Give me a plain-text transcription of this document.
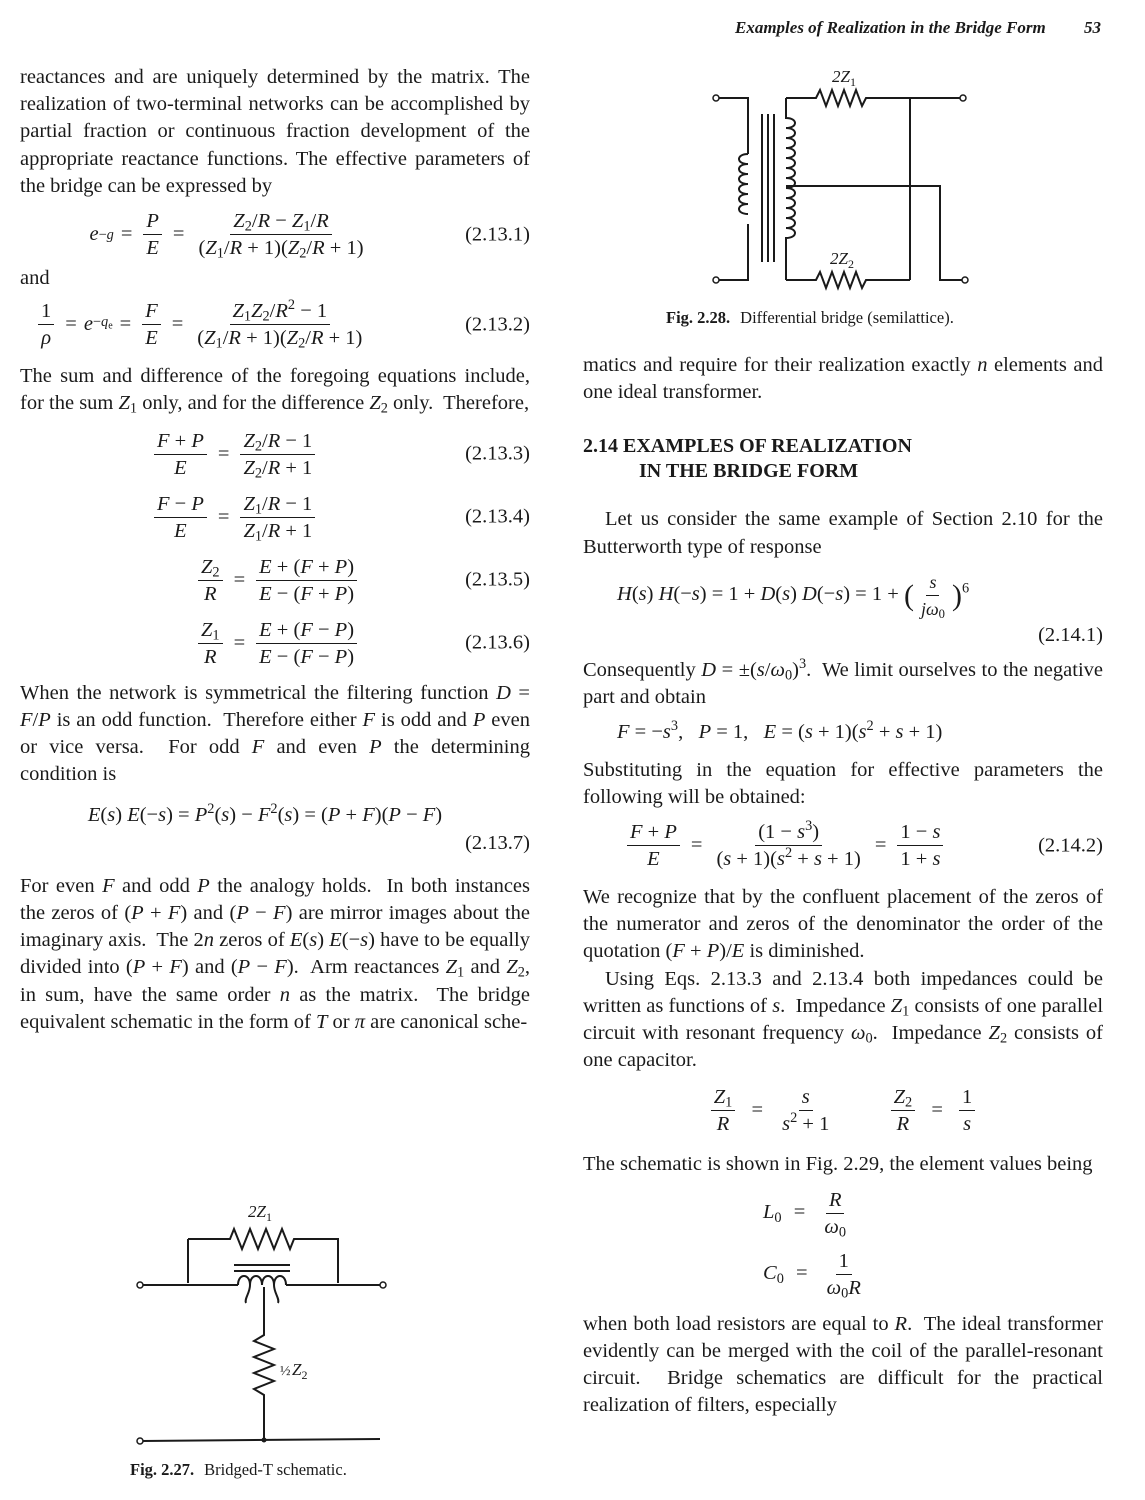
Examples of Realization in the Bridge Form 53

reactances and are uniquely determined by the matrix. The realization of two-terminal networks can be accomplished by partial fraction or continuous fraction development of the appropriate reactance functions. The effective parameters of the bridge can be expressed by

$e -g = \frac{P}{E} = \frac{Z_2/R - Z_1/R}{(Z_1/R + 1)(Z_2/R + 1)}$	(2.13.1)

and

$\frac{1}{\rho} = e -q_e = \frac{F}{E} = \frac{Z_1Z_2/R^2 - 1}{(Z_1/R + 1)(Z_2/R + 1)}$	(2.13.2)

The sum and difference of the foregoing equations include, for the sum $Z_1$ only, and for the difference $Z_2$ only.  Therefore,

$\frac{F + P}{E} = \frac{Z_2/R - 1}{Z_2/R + 1}$	(2.13.3)
$\frac{F - P}{E} = \frac{Z_1/R - 1}{Z_1/R + 1}$	(2.13.4)
$\frac{Z_2}{R} = \frac{E + (F + P)}{E - (F + P)}$	(2.13.5)
$\frac{Z_1}{R} = \frac{E + (F - P)}{E - (F - P)}$	(2.13.6)

When the network is symmetrical the filtering function D = F/P is an odd function.  Therefore either F is odd and P even or vice versa.  For odd F and even P the determining condition is

E(s) $E(-s) = P^2(s) - F^2(s) = (P + F)(P - F)$
(2.13.7)

For even F and odd P the analogy holds.  In both instances the zeros of (P + F) and (P − F) are mirror images about the imaginary axis.  The 2n zeros of E(s) E(−s) have to be equally divided into (P + F) and (P − F).  Arm reactances $Z_1$ and $Z_2$, in sum, have the same order n as the matrix.  The bridge equivalent schematic in the form of T or π are canonical sche-

$2Z_1$
½ $Z_2$
Fig. 2.27. Bridged-T schematic.
$2Z_1$
$2Z_2$
Fig. 2.28. Differential bridge (semilattice).

matics and require for their realization exactly n elements and one ideal transformer.

2.14 EXAMPLES OF REALIZATION
IN THE BRIDGE FORM

Let us consider the same example of Section 2.10 for the Butterworth type of response

H(s) H(−s) = 1 + D(s) D(−s) = 1 + ( $\frac{s}{j\omega_0} )^6$
(2.14.1)

Consequently $D = \pm(s/\omega_0)^3$.  We limit ourselves to the negative part and obtain

$F = -s^3$,   P = 1,   $E = (s + 1)(s^2 + s + 1)$

Substituting in the equation for effective parameters the following will be obtained:

$\frac{F + P}{E} = \frac{(1 - s^3)}{(s + 1)(s^2 + s + 1)} = \frac{1 - s}{1 + s}$	(2.14.2)

We recognize that by the confluent placement of the zeros of the numerator and zeros of the denominator the order of the quotation (F + P)/E is diminished.

Using Eqs. 2.13.3 and 2.13.4 both impedances could be written as functions of s.  Impedance $Z_1$ consists of one parallel circuit with resonant frequency $\omega_0$.  Impedance $Z_2$ consists of one capacitor.

$\frac{Z_1}{R} = \frac{s}{s^2 + 1}$
	$\frac{Z_2}{R} = \frac{1}{s}$

The schematic is shown in Fig. 2.29, the element values being

$L_0 = \frac{R}{\omega_0}$
$C_0 = \frac{1}{\omega_0R}$

when both load resistors are equal to R.  The ideal transformer evidently can be merged with the coil of the parallel-resonant circuit.  Bridge schematics are difficult for the practical realization of filters, especially
